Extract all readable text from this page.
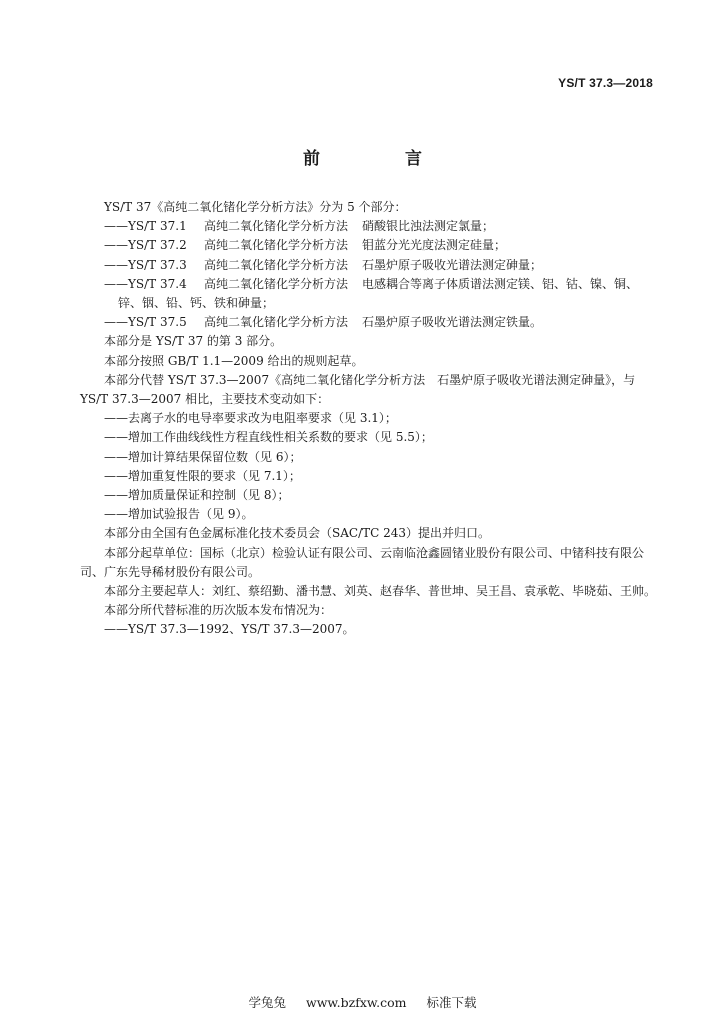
YS/T 37.3—2018
前　言
YS/T 37《高纯二氧化锗化学分析方法》分为 5 个部分：
——YS/T 37.1 高纯二氧化锗化学分析方法 硝酸银比浊法测定氯量；
——YS/T 37.2 高纯二氧化锗化学分析方法 钼蓝分光光度法测定硅量；
——YS/T 37.3 高纯二氧化锗化学分析方法 石墨炉原子吸收光谱法测定砷量；
——YS/T 37.4 高纯二氧化锗化学分析方法 电感耦合等离子体质谱法测定镁、铝、钴、镍、铜、
锌、铟、铅、钙、铁和砷量；
——YS/T 37.5 高纯二氧化锗化学分析方法 石墨炉原子吸收光谱法测定铁量。
本部分是 YS/T 37 的第 3 部分。
本部分按照 GB/T 1.1—2009 给出的规则起草。
本部分代替 YS/T 37.3—2007《高纯二氧化锗化学分析方法　石墨炉原子吸收光谱法测定砷量》，与
YS/T 37.3—2007 相比，主要技术变动如下：
——去离子水的电导率要求改为电阻率要求（见 3.1）；
——增加工作曲线线性方程直线性相关系数的要求（见 5.5）；
——增加计算结果保留位数（见 6）；
——增加重复性限的要求（见 7.1）；
——增加质量保证和控制（见 8）；
——增加试验报告（见 9）。
本部分由全国有色金属标准化技术委员会（SAC/TC 243）提出并归口。
本部分起草单位：国标（北京）检验认证有限公司、云南临沧鑫圆锗业股份有限公司、中锗科技有限公
司、广东先导稀材股份有限公司。
本部分主要起草人：刘红、蔡绍勤、潘书慧、刘英、赵春华、普世坤、吴王昌、袁承乾、毕晓茹、王帅。
本部分所代替标准的历次版本发布情况为：
——YS/T 37.3—1992、YS/T 37.3—2007。
学兔兔 www.bzfxw.com 标准下载
